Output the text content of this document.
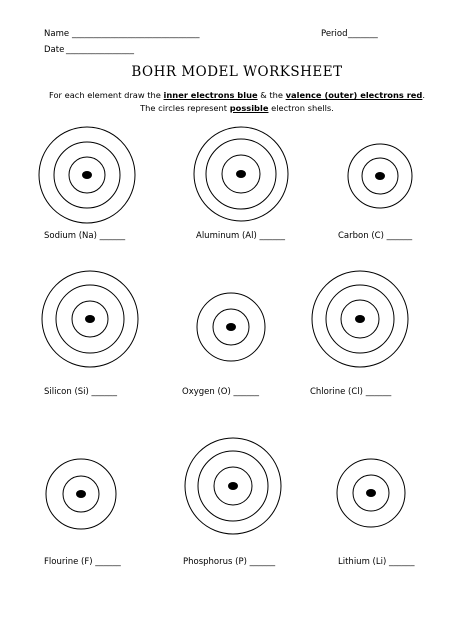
Name ______________________________	Period _______
Date ________________
BOHR MODEL WORKSHEET
For each element draw the inner electrons blue & the valence (outer) electrons red.
The circles represent possible electron shells.
Sodium (Na) ______	Aluminum (Al) ______	Carbon (C) ______
Silicon (Si) ______	Oxygen (O) ______	Chlorine (Cl) ______
Flourine (F) ______	Phosphorus (P) ______	Lithium (Li) ______
